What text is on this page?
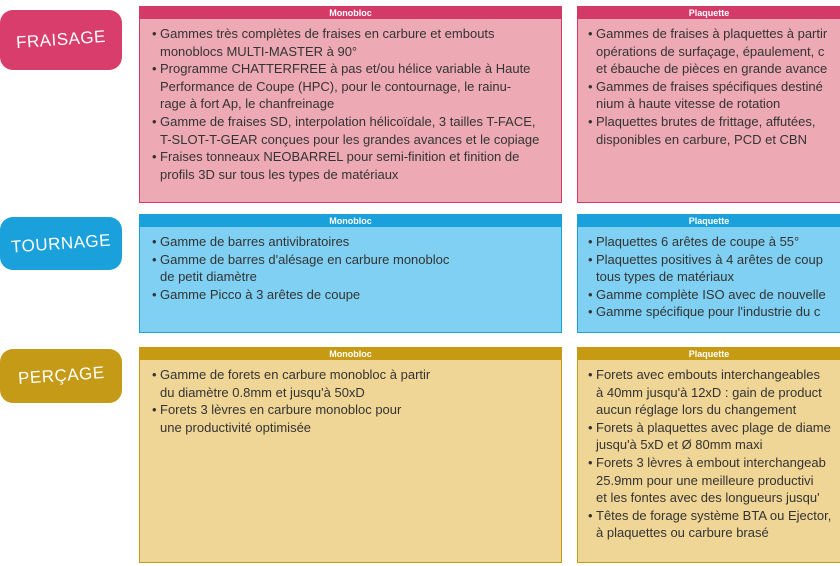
FRAISAGE
Monobloc
• Gammes très complètes de fraises en carbure et embouts
monoblocs MULTI-MASTER à 90°
• Programme CHATTERFREE à pas et/ou hélice variable à Haute
Performance de Coupe (HPC), pour le contournage, le rainu-
rage à fort Ap, le chanfreinage
• Gamme de fraises SD, interpolation hélicoïdale, 3 tailles T-FACE,
T-SLOT-T-GEAR conçues pour les grandes avances et le copiage
• Fraises tonneaux NEOBARREL pour semi-finition et finition de
profils 3D sur tous les types de matériaux
Plaquette
• Gammes de fraises à plaquettes à partir
opérations de surfaçage, épaulement, c
et ébauche de pièces en grande avance
• Gammes de fraises spécifiques destiné
nium à haute vitesse de rotation
• Plaquettes brutes de frittage, affutées,
disponibles en carbure, PCD et CBN
TOURNAGE
Monobloc
• Gamme de barres antivibratoires
• Gamme de barres d'alésage en carbure monobloc
de petit diamètre
• Gamme Picco à 3 arêtes de coupe
Plaquette
• Plaquettes 6 arêtes de coupe à 55°
• Plaquettes positives à 4 arêtes de coup
tous types de matériaux
• Gamme complète ISO avec de nouvelle
• Gamme spécifique pour l'industrie du c
PERÇAGE
Monobloc
• Gamme de forets en carbure monobloc à partir
du diamètre 0.8mm et jusqu'à 50xD
• Forets 3 lèvres en carbure monobloc pour
une productivité optimisée
Plaquette
• Forets avec embouts interchangeables
à 40mm jusqu'à 12xD : gain de product
aucun réglage lors du changement
• Forets à plaquettes avec plage de diame
jusqu'à 5xD et Ø 80mm maxi
• Forets 3 lèvres à embout interchangeab
25.9mm pour une meilleure productivi
et les fontes avec des longueurs jusqu'
• Têtes de forage système BTA ou Ejector,
à plaquettes ou carbure brasé
